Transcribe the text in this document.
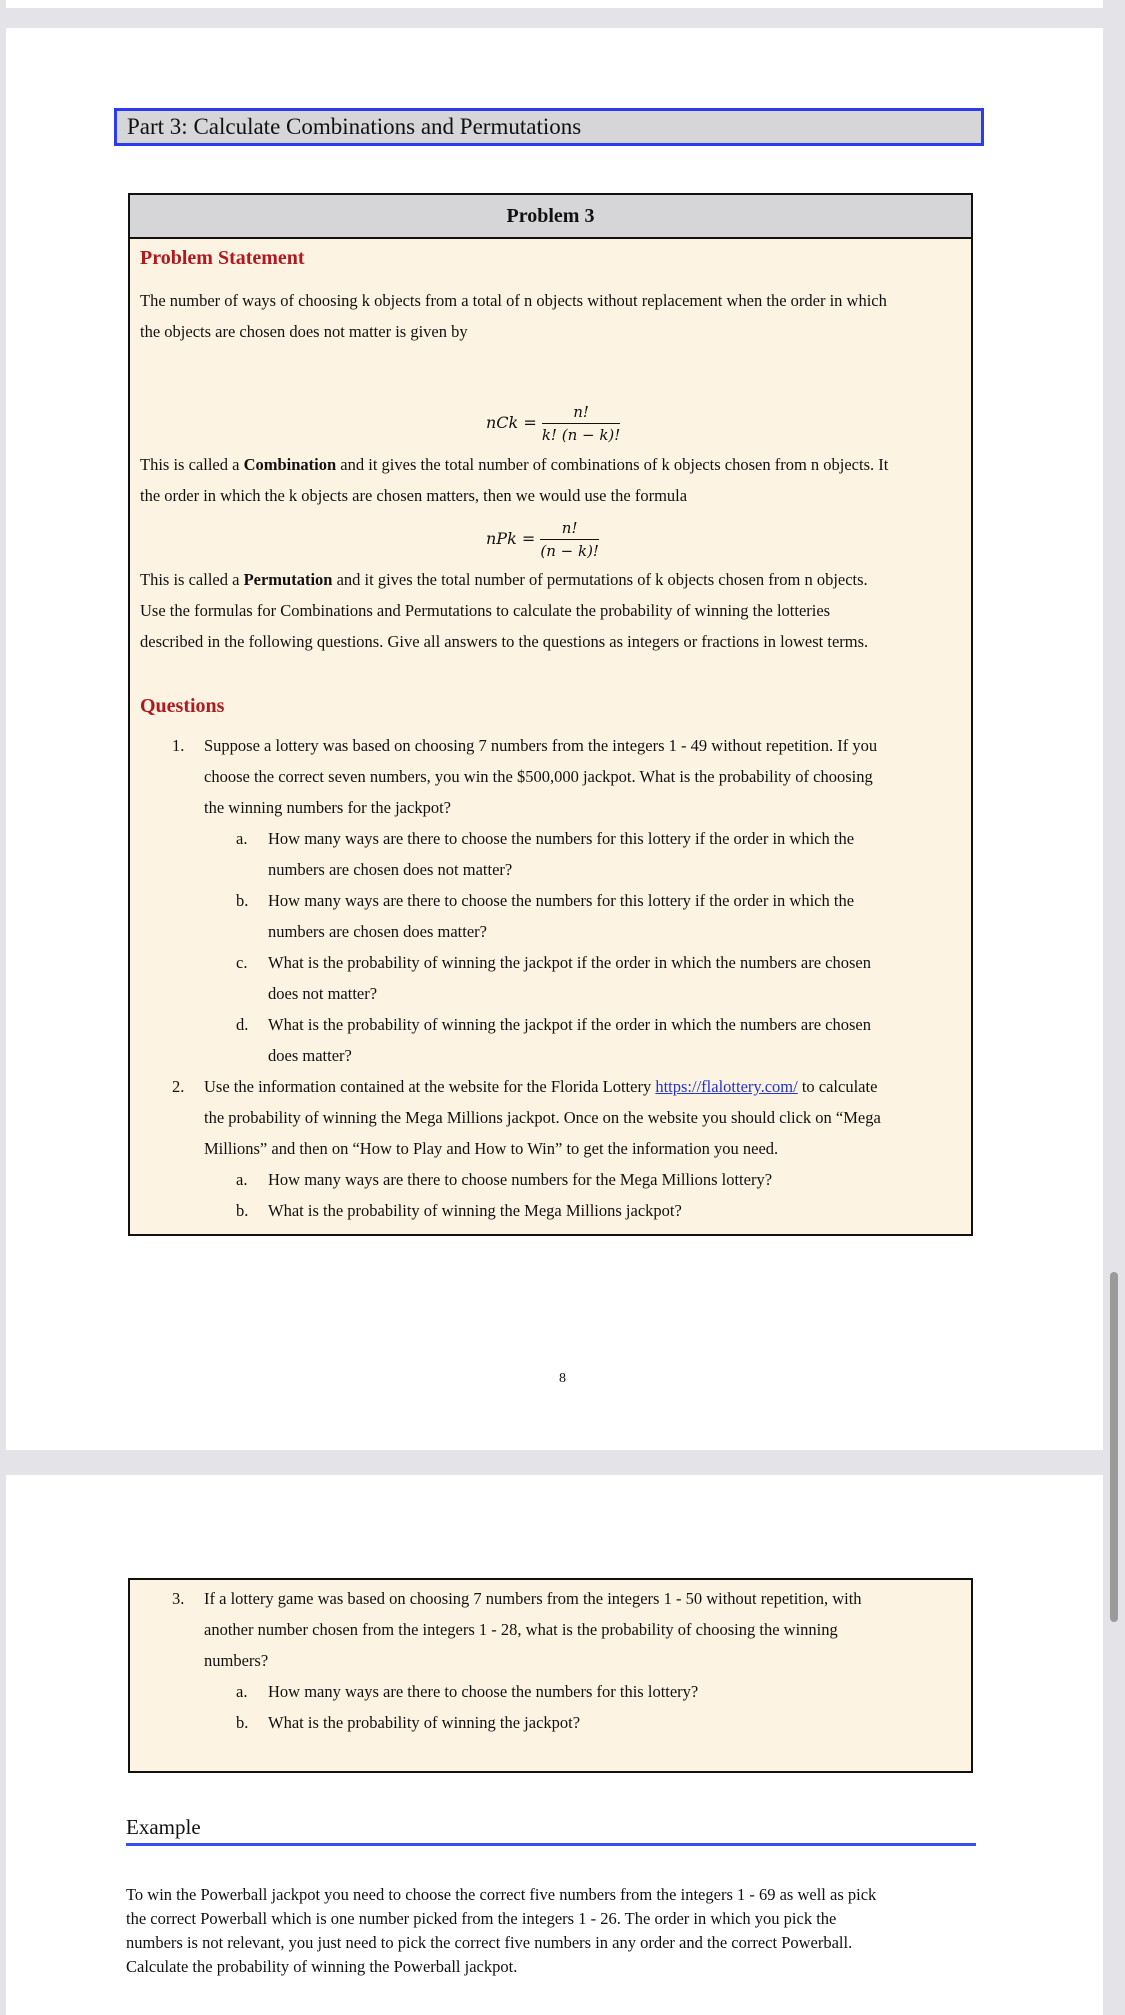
Part 3: Calculate Combinations and Permutations
Problem 3
Problem Statement
The number of ways of choosing k objects from a total of n objects without replacement when the order in which
the objects are chosen does not matter is given by
nCk = $\frac{n!}{k! (n - k)!}$
This is called a Combination and it gives the total number of combinations of k objects chosen from n objects. It
the order in which the k objects are chosen matters, then we would use the formula
nPk = $\frac{n!}{(n - k)!}$
This is called a Permutation and it gives the total number of permutations of k objects chosen from n objects.
Use the formulas for Combinations and Permutations to calculate the probability of winning the lotteries
described in the following questions. Give all answers to the questions as integers or fractions in lowest terms.
Questions
1. Suppose a lottery was based on choosing 7 numbers from the integers 1 - 49 without repetition. If you
choose the correct seven numbers, you win the $500,000 jackpot. What is the probability of choosing
the winning numbers for the jackpot?
a. How many ways are there to choose the numbers for this lottery if the order in which the
numbers are chosen does not matter?
b. How many ways are there to choose the numbers for this lottery if the order in which the
numbers are chosen does matter?
c. What is the probability of winning the jackpot if the order in which the numbers are chosen
does not matter?
d. What is the probability of winning the jackpot if the order in which the numbers are chosen
does matter?
2. Use the information contained at the website for the Florida Lottery https://flalottery.com/ to calculate
the probability of winning the Mega Millions jackpot. Once on the website you should click on “Mega
Millions” and then on “How to Play and How to Win” to get the information you need.
a. How many ways are there to choose numbers for the Mega Millions lottery?
b. What is the probability of winning the Mega Millions jackpot?
8
3. If a lottery game was based on choosing 7 numbers from the integers 1 - 50 without repetition, with
another number chosen from the integers 1 - 28, what is the probability of choosing the winning
numbers?
a. How many ways are there to choose the numbers for this lottery?
b. What is the probability of winning the jackpot?
Example
To win the Powerball jackpot you need to choose the correct five numbers from the integers 1 - 69 as well as pick
the correct Powerball which is one number picked from the integers 1 - 26. The order in which you pick the
numbers is not relevant, you just need to pick the correct five numbers in any order and the correct Powerball.
Calculate the probability of winning the Powerball jackpot.
